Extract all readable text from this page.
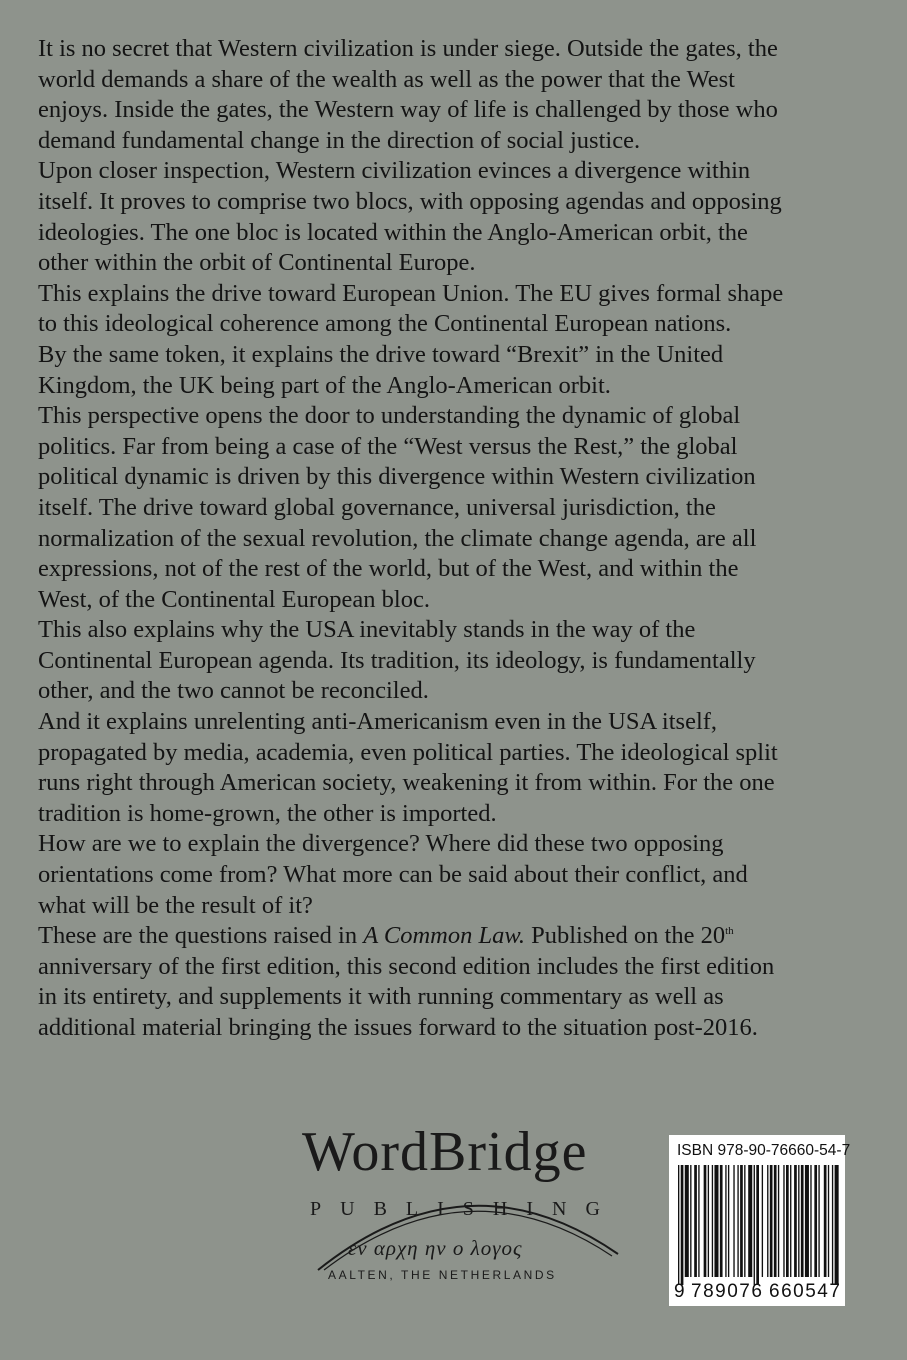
It is no secret that Western civilization is under siege. Outside the gates, the

world demands a share of the wealth as well as the power that the West

enjoys. Inside the gates, the Western way of life is challenged by those who

demand fundamental change in the direction of social justice.

Upon closer inspection, Western civilization evinces a divergence within

itself. It proves to comprise two blocs, with opposing agendas and opposing

ideologies. The one bloc is located within the Anglo-American orbit, the

other within the orbit of Continental Europe.

This explains the drive toward European Union. The EU gives formal shape

to this ideological coherence among the Continental European nations.

By the same token, it explains the drive toward “Brexit” in the United

Kingdom, the UK being part of the Anglo-American orbit.

This perspective opens the door to understanding the dynamic of global

politics. Far from being a case of the “West versus the Rest,” the global

political dynamic is driven by this divergence within Western civilization

itself. The drive toward global governance, universal jurisdiction, the

normalization of the sexual revolution, the climate change agenda, are all

expressions, not of the rest of the world, but of the West, and within the

West, of the Continental European bloc.

This also explains why the USA inevitably stands in the way of the

Continental European agenda. Its tradition, its ideology, is fundamentally

other, and the two cannot be reconciled.

And it explains unrelenting anti-Americanism even in the USA itself,

propagated by media, academia, even political parties. The ideological split

runs right through American society, weakening it from within. For the one

tradition is home-grown, the other is imported.

How are we to explain the divergence? Where did these two opposing

orientations come from? What more can be said about their conflict, and

what will be the result of it?

These are the questions raised in A Common Law. Published on the 20th

anniversary of the first edition, this second edition includes the first edition

in its entirety, and supplements it with running commentary as well as

additional material bringing the issues forward to the situation post-2016.

WordBridge
PUBLISHING
εν αρχη ην ο λογος
AALTEN, THE NETHERLANDS
ISBN 978-90-76660-54-7
9 789076 660547
